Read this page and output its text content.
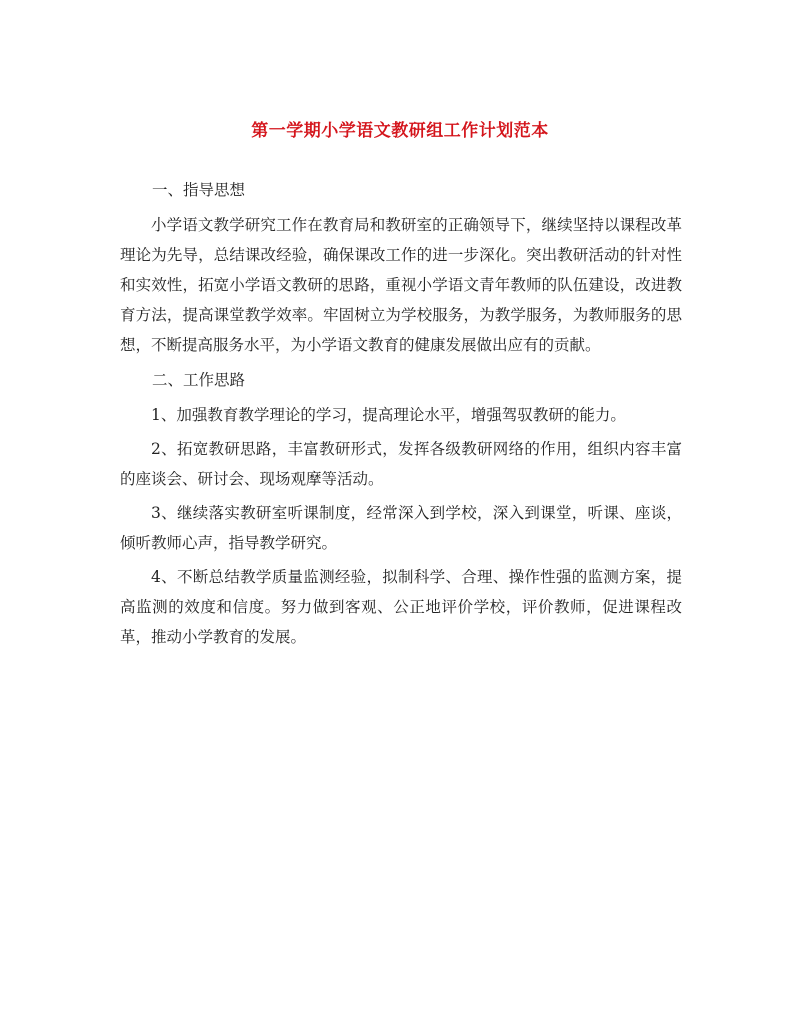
第一学期小学语文教研组工作计划范本

一、指导思想

小学语文教学研究工作在教育局和教研室的正确领导下，继续坚持以课程改革理论为先导，总结课改经验，确保课改工作的进一步深化。突出教研活动的针对性和实效性，拓宽小学语文教研的思路，重视小学语文青年教师的队伍建设，改进教育方法，提高课堂教学效率。牢固树立为学校服务，为教学服务，为教师服务的思想，不断提高服务水平，为小学语文教育的健康发展做出应有的贡献。

二、工作思路

1、加强教育教学理论的学习，提高理论水平，增强驾驭教研的能力。

2、拓宽教研思路，丰富教研形式，发挥各级教研网络的作用，组织内容丰富的座谈会、研讨会、现场观摩等活动。

3、继续落实教研室听课制度，经常深入到学校，深入到课堂，听课、座谈，倾听教师心声，指导教学研究。

4、不断总结教学质量监测经验，拟制科学、合理、操作性强的监测方案，提高监测的效度和信度。努力做到客观、公正地评价学校，评价教师，促进课程改革，推动小学教育的发展。
